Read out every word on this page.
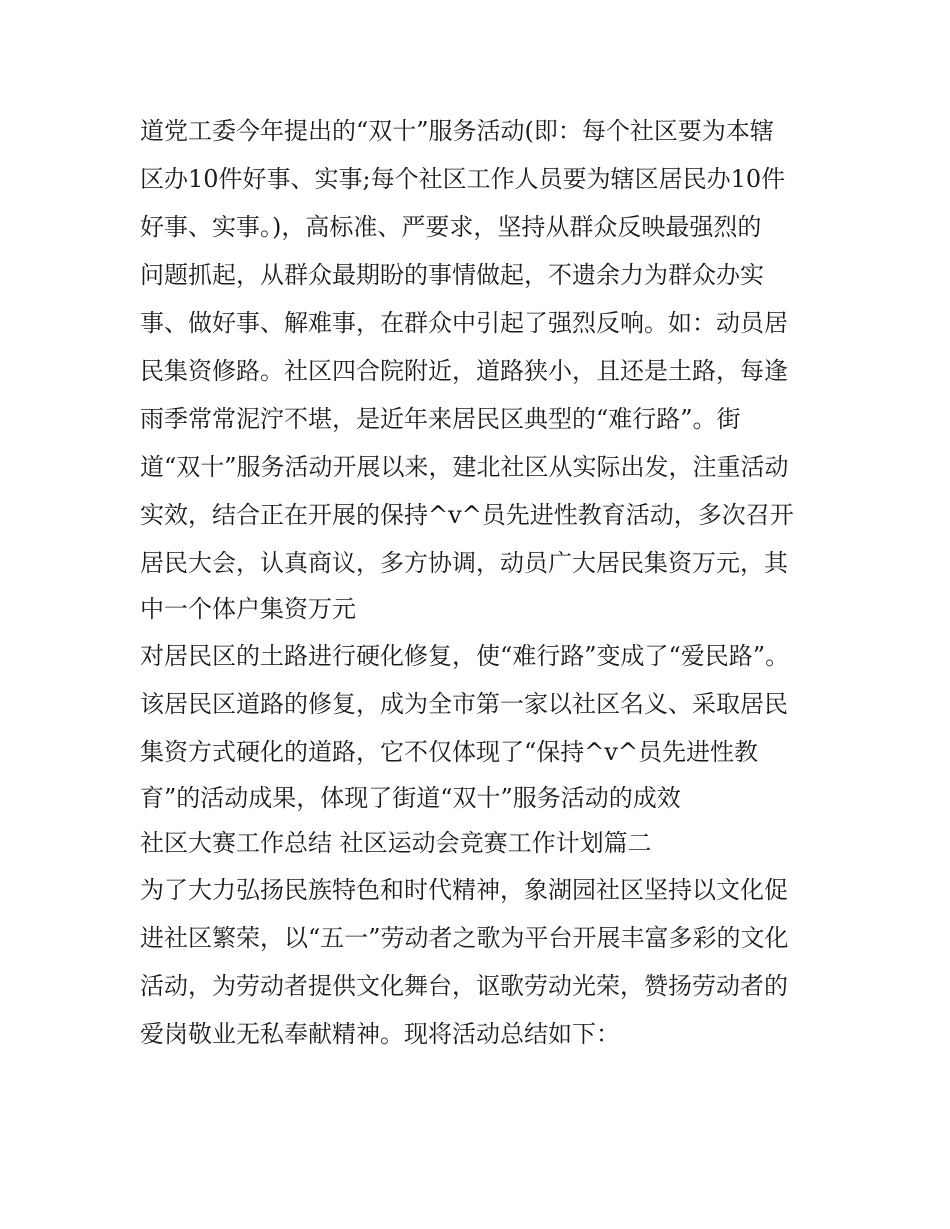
道党工委今年提出的“双十”服务活动(即：每个社区要为本辖
区办10件好事、实事;每个社区工作人员要为辖区居民办10件
好事、实事。)，高标准、严要求，坚持从群众反映最强烈的
问题抓起，从群众最期盼的事情做起，不遗余力为群众办实
事、做好事、解难事，在群众中引起了强烈反响。如：动员居
民集资修路。社区四合院附近，道路狭小，且还是土路，每逢
雨季常常泥泞不堪，是近年来居民区典型的“难行路”。街
道“双十”服务活动开展以来，建北社区从实际出发，注重活动
实效，结合正在开展的保持^v^员先进性教育活动，多次召开
居民大会，认真商议，多方协调，动员广大居民集资万元，其
中一个体户集资万元
对居民区的土路进行硬化修复，使“难行路”变成了“爱民路”。
该居民区道路的修复，成为全市第一家以社区名义、采取居民
集资方式硬化的道路，它不仅体现了“保持^v^员先进性教
育”的活动成果，体现了街道“双十”服务活动的成效
社区大赛工作总结 社区运动会竞赛工作计划篇二
为了大力弘扬民族特色和时代精神，象湖园社区坚持以文化促
进社区繁荣，以“五一”劳动者之歌为平台开展丰富多彩的文化
活动，为劳动者提供文化舞台，讴歌劳动光荣，赞扬劳动者的
爱岗敬业无私奉献精神。现将活动总结如下：
